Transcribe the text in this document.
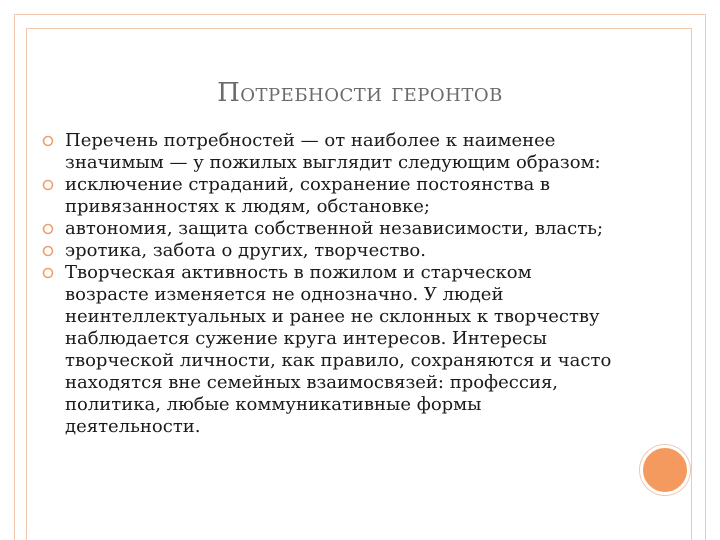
Потребности геронтов
Перечень потребностей — от наиболее к наименее значимым — у пожилых выглядит следующим образом:
исключение страданий, сохранение постоянства в привязанностях к людям, обстановке;
автономия, защита собственной независимости, власть;
эротика, забота о других, творчество.
Творческая активность в пожилом и старческом возрасте изменяется не однозначно. У людей неинтеллектуальных и ранее не склонных к творчеству наблюдается сужение круга интересов. Интересы творческой личности, как правило, сохраняются и часто находятся вне семейных взаимосвязей: профессия, политика, любые коммуникативные формы деятельности.
